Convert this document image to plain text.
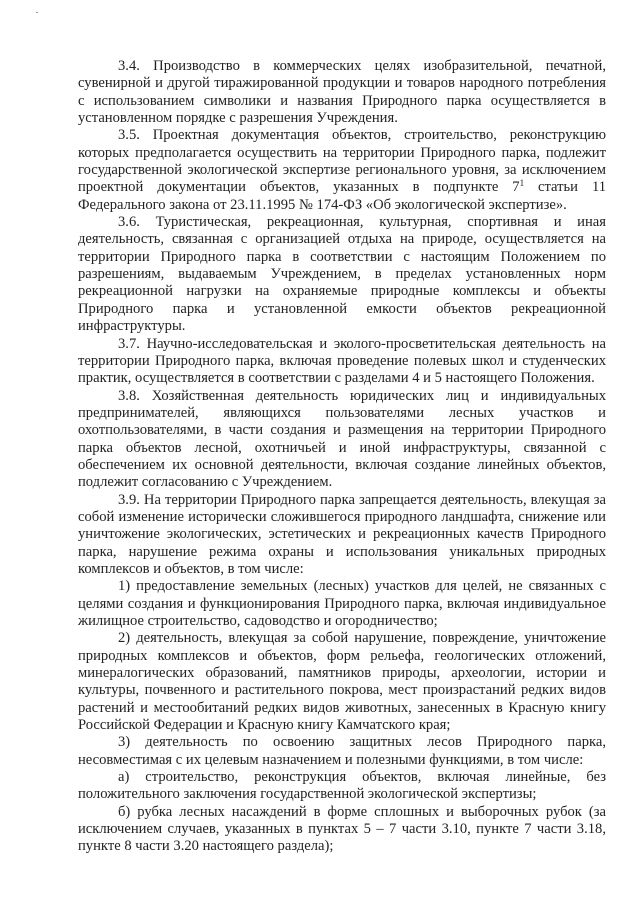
3.4. Производство в коммерческих целях изобразительной, печатной, сувенирной и другой тиражированной продукции и товаров народного потребления с использованием символики и названия Природного парка осуществляется в установленном порядке с разрешения Учреждения.

3.5. Проектная документация объектов, строительство, реконструкцию которых предполагается осуществить на территории Природного парка, подлежит государственной экологической экспертизе регионального уровня, за исключением проектной документации объектов, указанных в подпункте $7^1$ статьи 11 Федерального закона от 23.11.1995 № 174-ФЗ «Об экологической экспертизе».

3.6. Туристическая, рекреационная, культурная, спортивная и иная деятельность, связанная с организацией отдыха на природе, осуществляется на территории Природного парка в соответствии с настоящим Положением по разрешениям, выдаваемым Учреждением, в пределах установленных норм рекреационной нагрузки на охраняемые природные комплексы и объекты Природного парка и установленной емкости объектов рекреационной инфраструктуры.

3.7. Научно-исследовательская и эколого-просветительская деятельность на территории Природного парка, включая проведение полевых школ и студенческих практик, осуществляется в соответствии с разделами 4 и 5 настоящего Положения.

3.8. Хозяйственная деятельность юридических лиц и индивидуальных предпринимателей, являющихся пользователями лесных участков и охотпользователями, в части создания и размещения на территории Природного парка объектов лесной, охотничьей и иной инфраструктуры, связанной с обеспечением их основной деятельности, включая создание линейных объектов, подлежит согласованию с Учреждением.

3.9. На территории Природного парка запрещается деятельность, влекущая за собой изменение исторически сложившегося природного ландшафта, снижение или уничтожение экологических, эстетических и рекреационных качеств Природного парка, нарушение режима охраны и использования уникальных природных комплексов и объектов, в том числе:

1) предоставление земельных (лесных) участков для целей, не связанных с целями создания и функционирования Природного парка, включая индивидуальное жилищное строительство, садоводство и огородничество;

2) деятельность, влекущая за собой нарушение, повреждение, уничтожение природных комплексов и объектов, форм рельефа, геологических отложений, минералогических образований, памятников природы, археологии, истории и культуры, почвенного и растительного покрова, мест произрастаний редких видов растений и местообитаний редких видов животных, занесенных в Красную книгу Российской Федерации и Красную книгу Камчатского края;

3) деятельность по освоению защитных лесов Природного парка, несовместимая с их целевым назначением и полезными функциями, в том числе:

а) строительство, реконструкция объектов, включая линейные, без положительного заключения государственной экологической экспертизы;

б) рубка лесных насаждений в форме сплошных и выборочных рубок (за исключением случаев, указанных в пунктах 5 – 7 части 3.10, пункте 7 части 3.18, пункте 8 части 3.20 настоящего раздела);
